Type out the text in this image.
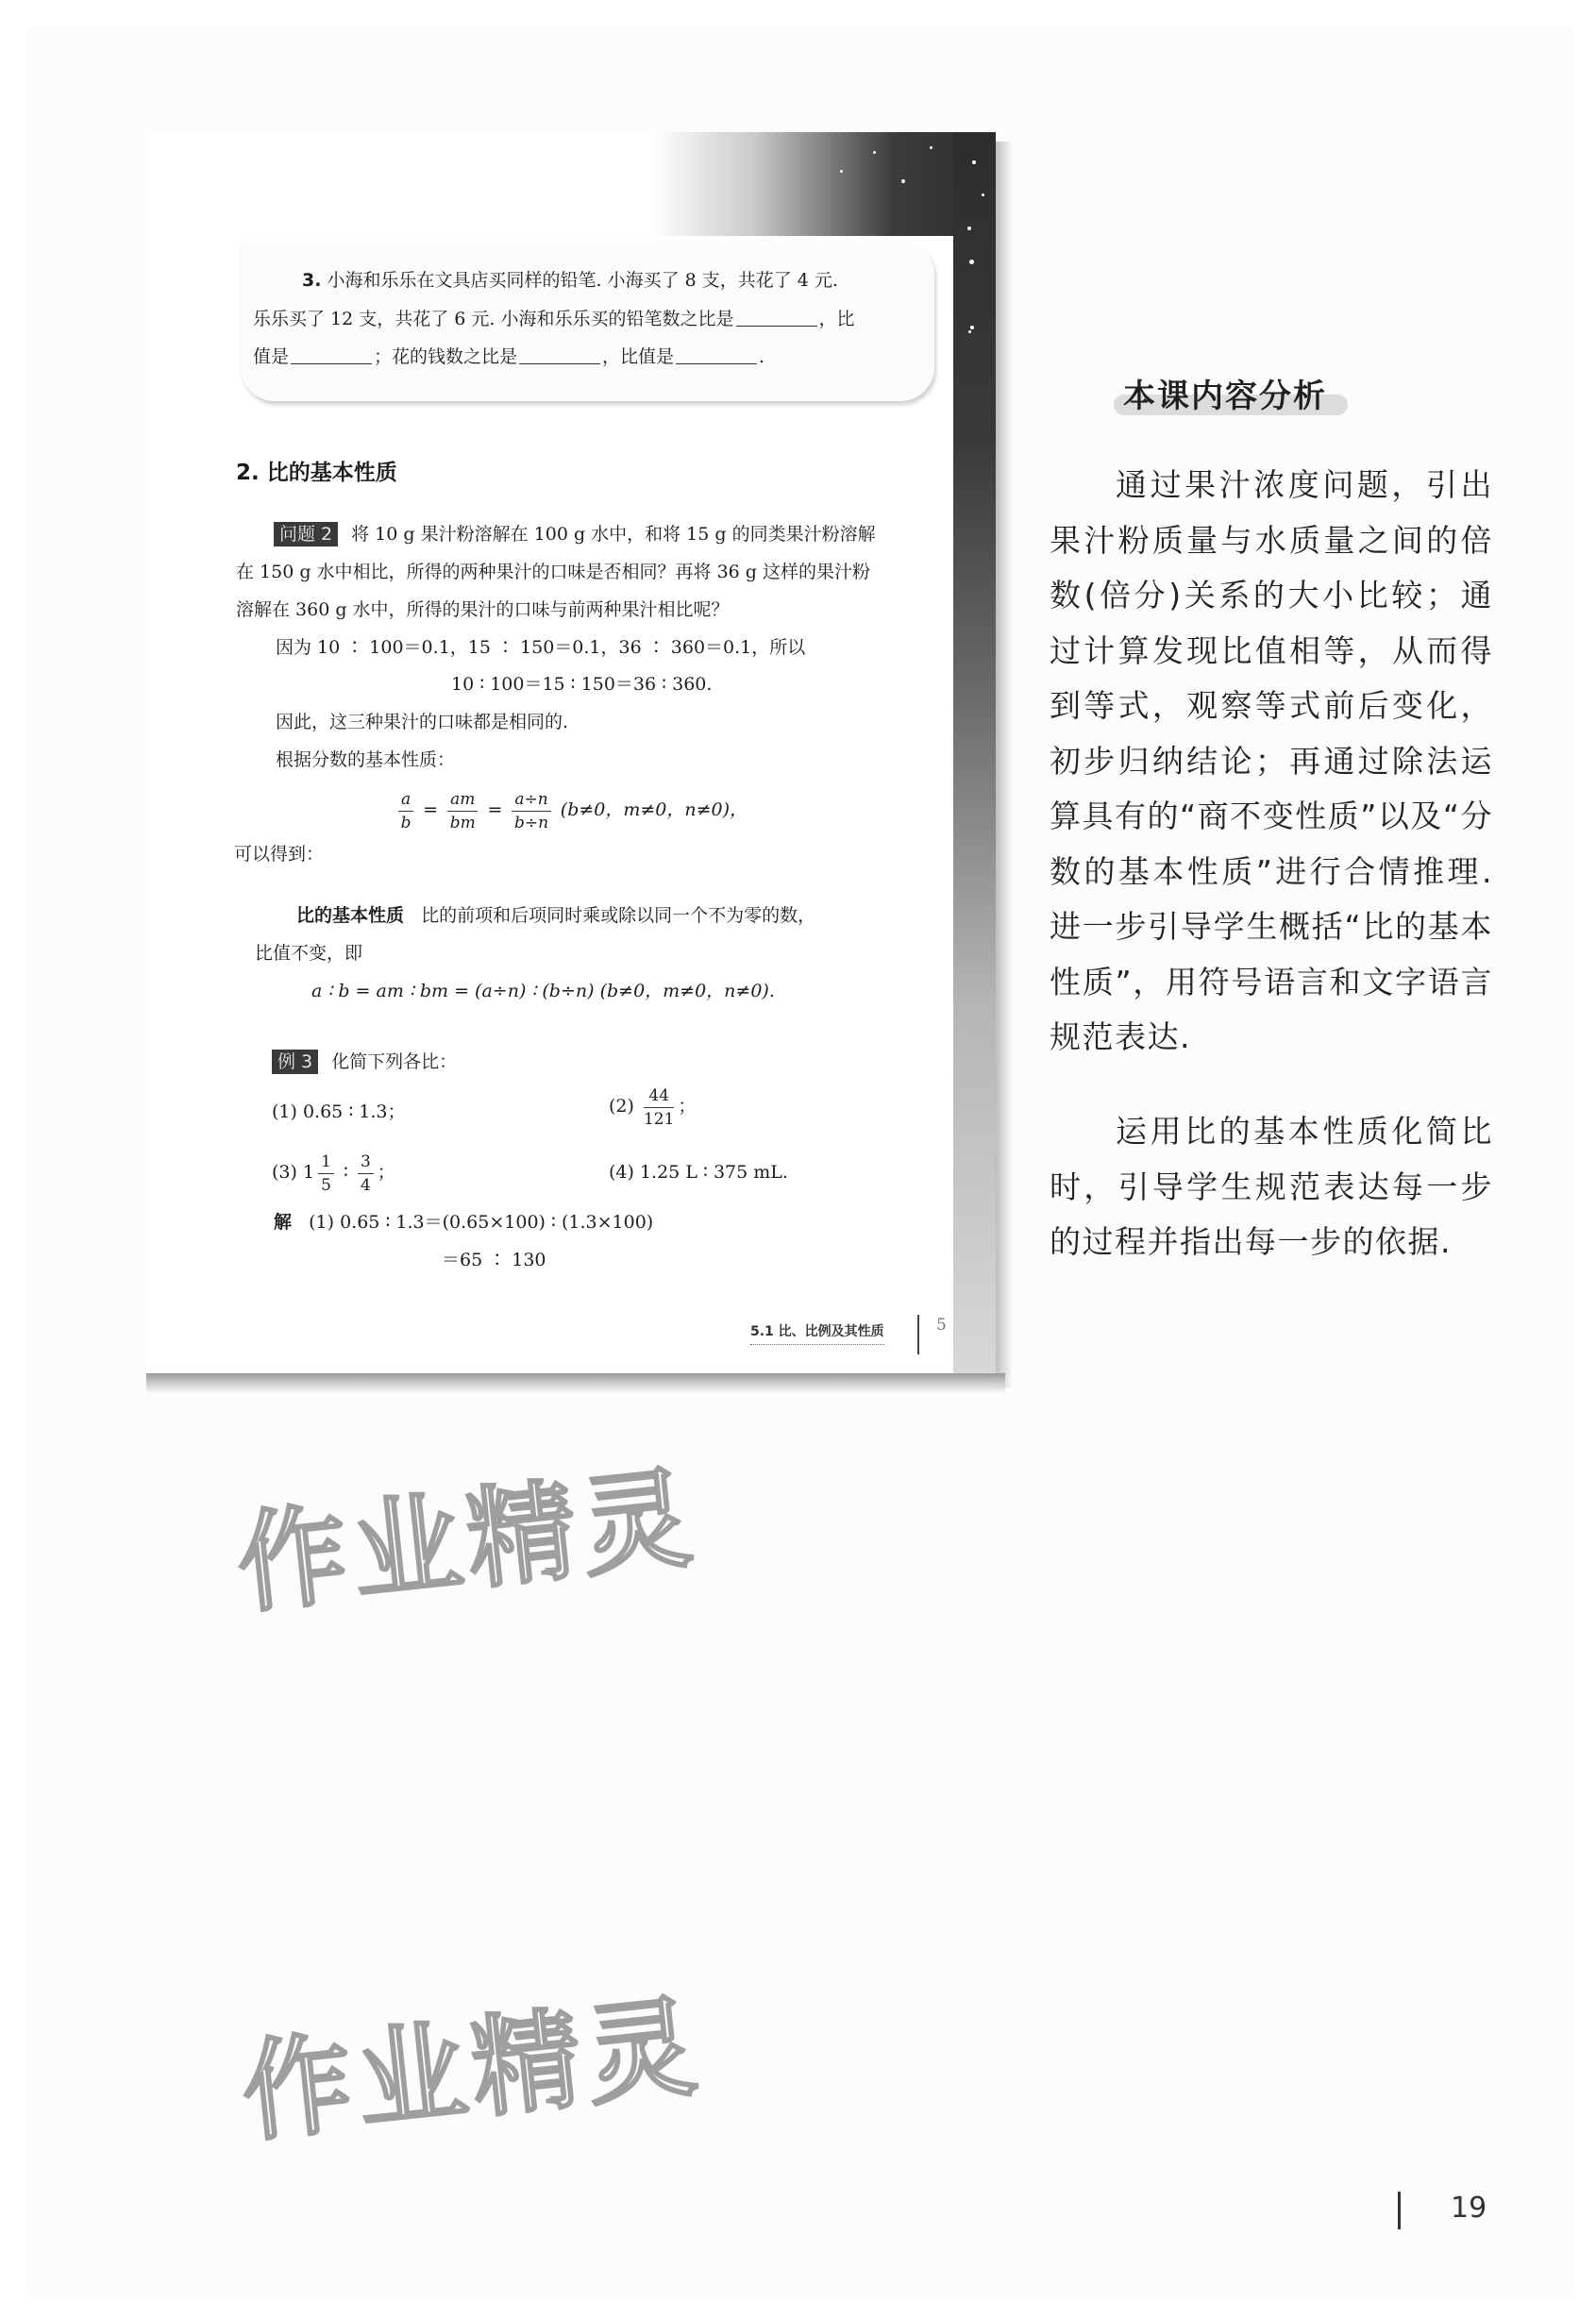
3. 小海和乐乐在文具店买同样的铅笔. 小海买了 8 支，共花了 4 元.
乐乐买了 12 支，共花了 6 元. 小海和乐乐买的铅笔数之比是	，比
值是	；花的钱数之比是	，比值是	.
2. 比的基本性质
问题 2 将 10 g 果汁粉溶解在 100 g 水中，和将 15 g 的同类果汁粉溶解
在 150 g 水中相比，所得的两种果汁的口味是否相同？再将 36 g 这样的果汁粉
溶解在 360 g 水中，所得的果汁的口味与前两种果汁相比呢？
因为 10 ∶ 100＝0.1，15 ∶ 150＝0.1，36 ∶ 360＝0.1，所以
10 ∶ 100＝15 ∶ 150＝36 ∶ 360.
因此，这三种果汁的口味都是相同的.
根据分数的基本性质：
$\frac{a}{b} = \frac{am}{bm} = \frac{a\div n}{b\div n} (b\ne 0$，m≠0，n≠0)，
可以得到：
比的基本性质 比的前项和后项同时乘或除以同一个不为零的数，
比值不变，即
a ∶ b = am ∶ bm = (a÷n) ∶ (b÷n) (b≠0，m≠0，n≠0).
例 3 化简下列各比：
(1) 0.65 ∶ 1.3；	$(2) \frac{44}{121}$ ；
(3) $1 \frac{1}{5}$ ∶ $\frac{3}{4}$ ；	(4) 1.25 L ∶ 375 mL.
解 (1) 0.65 ∶ 1.3＝(0.65×100) ∶ (1.3×100)
＝65 ∶ 130
5.1 比、比例及其性质	5
本课内容分析
通过果汁浓度问题，引出果汁粉质量与水质量之间的倍数(倍分)关系的大小比较；通过计算发现比值相等，从而得到等式，观察等式前后变化，初步归纳结论；再通过除法运算具有的“商不变性质”以及“分数的基本性质”进行合情推理. 进一步引导学生概括“比的基本性质”，用符号语言和文字语言规范表达.
运用比的基本性质化简比时，引导学生规范表达每一步的过程并指出每一步的依据.
作业精灵
作业精灵
19
